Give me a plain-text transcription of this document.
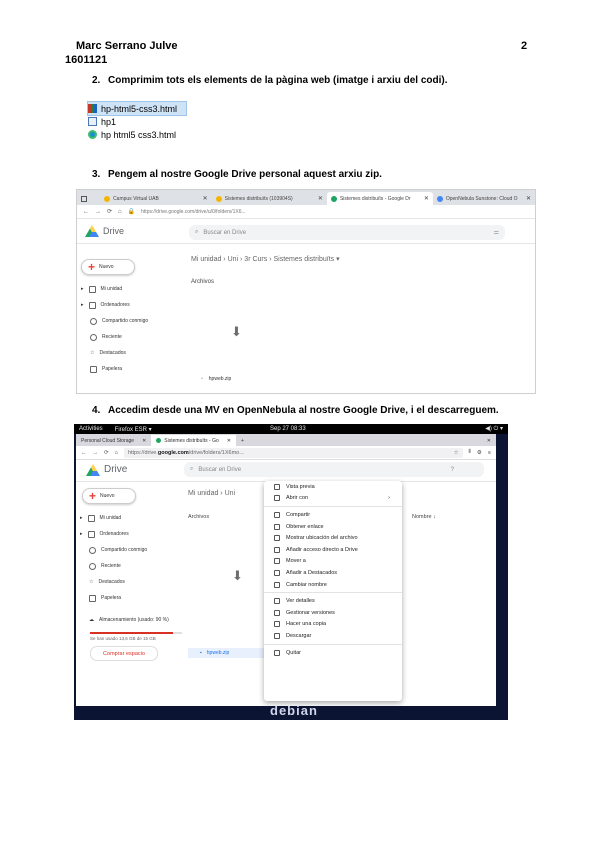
Marc Serrano Julve
1601121
2
2. Comprimim tots els elements de la pàgina web (imatge i arxiu del codi).
hp-html5-css3.html
hp1
hp html5 css3.html
3. Pengem al nostre Google Drive personal aquest arxiu zip.
Campus Virtual UAB	✕	Sistemes distribuïts (103904S)	✕	Sistemes distribuïts - Google Dr ✕	OpenNebula Sunstone: Cloud O ✕
← → ⟳ ⌂ 🔒 https://drive.google.com/drive/u/0/folders/1X6...
Drive	⌕ Buscar en Drive	⚌
+ Nuevo
▸	Mi unidad
▸	Ordenadores
Compartido conmigo
Reciente
☆ Destacados
Papelera
Mi unidad › Uni › 3r Curs › Sistemes distribuïts ▾
Archivos
⬇
▫ hpweb.zip
4. Accedim desde una MV en OpenNebula al nostre Google Drive, i el descarreguem.
Activities Firefox ESR ▾	Sep 27 08:33	◀) ⏻ ▾
Personal Cloud Storage ✕	Sistemes distribuïts - Go ✕	+	✕
← → ⟳ ⌂ https://drive. google.com /drive/folders/1X6mo...	☆ ⫴ ⚙ ≡
Drive	⌕ Buscar en Drive	?
+ Nuevo
▸	Mi unidad
▸	Ordenadores
Compartido conmigo
Reciente
☆ Destacados
Papelera
☁ Almacenamiento (usado: 90 %)
Se han usado 13,6 GB de 15 GB
Comprar espacio
Mi unidad › Uni
Archivos	Nombre ↓
⬇
▪ hpweb.zip
Vista previa
Abrir con	›
Compartir
Obtener enlace
Mostrar ubicación del archivo
Añadir acceso directo a Drive
Mover a
Añadir a Destacados
Cambiar nombre
Ver detalles
Gestionar versiones
Hacer una copia
Descargar
Quitar
debian
